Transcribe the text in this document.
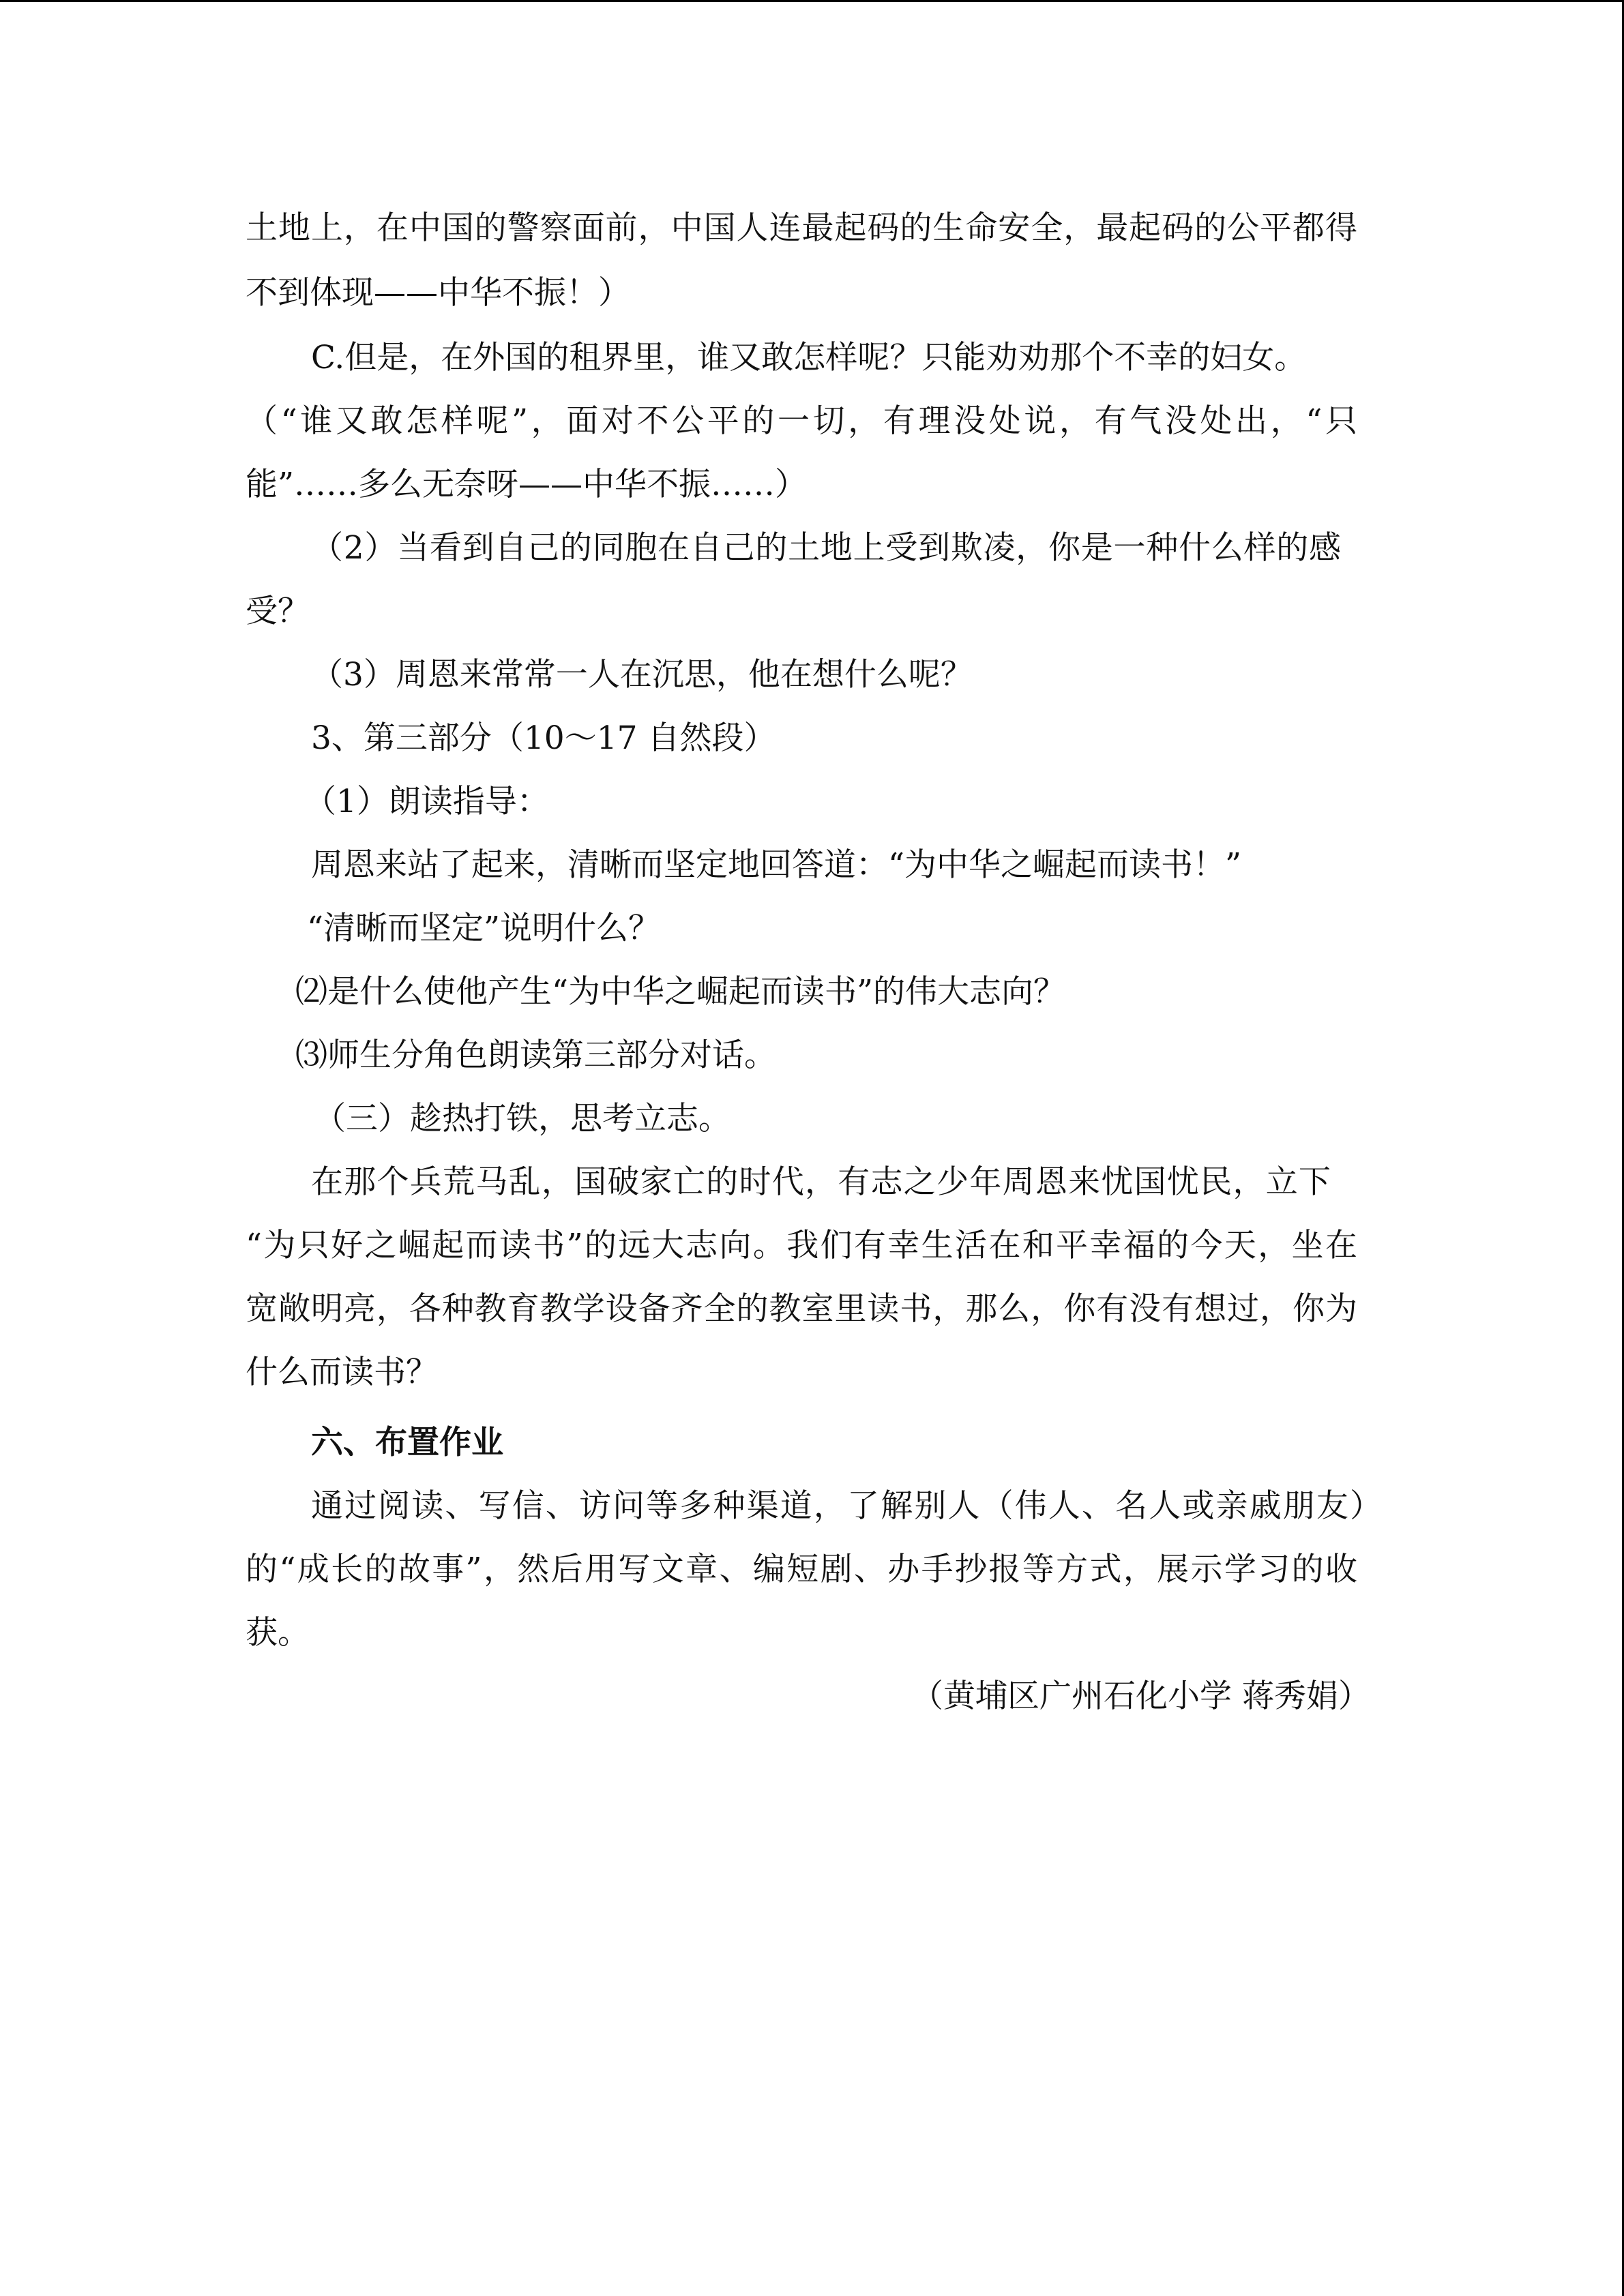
土地上，在中国的警察面前，中国人连最起码的生命安全，最起码的公平都得
不到体现——中华不振！）
C.但是，在外国的租界里，谁又敢怎样呢？只能劝劝那个不幸的妇女。
（“谁又敢怎样呢”，面对不公平的一切，有理没处说，有气没处出，“只
能”……多么无奈呀——中华不振……）
（2）当看到自己的同胞在自己的土地上受到欺凌，你是一种什么样的感
受？
（3）周恩来常常一人在沉思，他在想什么呢？
3、第三部分（10～17 自然段）
（1）朗读指导：
周恩来站了起来，清晰而坚定地回答道：“为中华之崛起而读书！”
“清晰而坚定”说明什么？
⑵是什么使他产生“为中华之崛起而读书”的伟大志向？
⑶师生分角色朗读第三部分对话。
（三）趁热打铁，思考立志。
在那个兵荒马乱，国破家亡的时代，有志之少年周恩来忧国忧民，立下
“为只好之崛起而读书”的远大志向。我们有幸生活在和平幸福的今天，坐在
宽敞明亮，各种教育教学设备齐全的教室里读书，那么，你有没有想过，你为
什么而读书？
六、布置作业
通过阅读、写信、访问等多种渠道，了解别人（伟人、名人或亲戚朋友）
的“成长的故事”，然后用写文章、编短剧、办手抄报等方式，展示学习的收
获。
（黄埔区广州石化小学 蒋秀娟）
